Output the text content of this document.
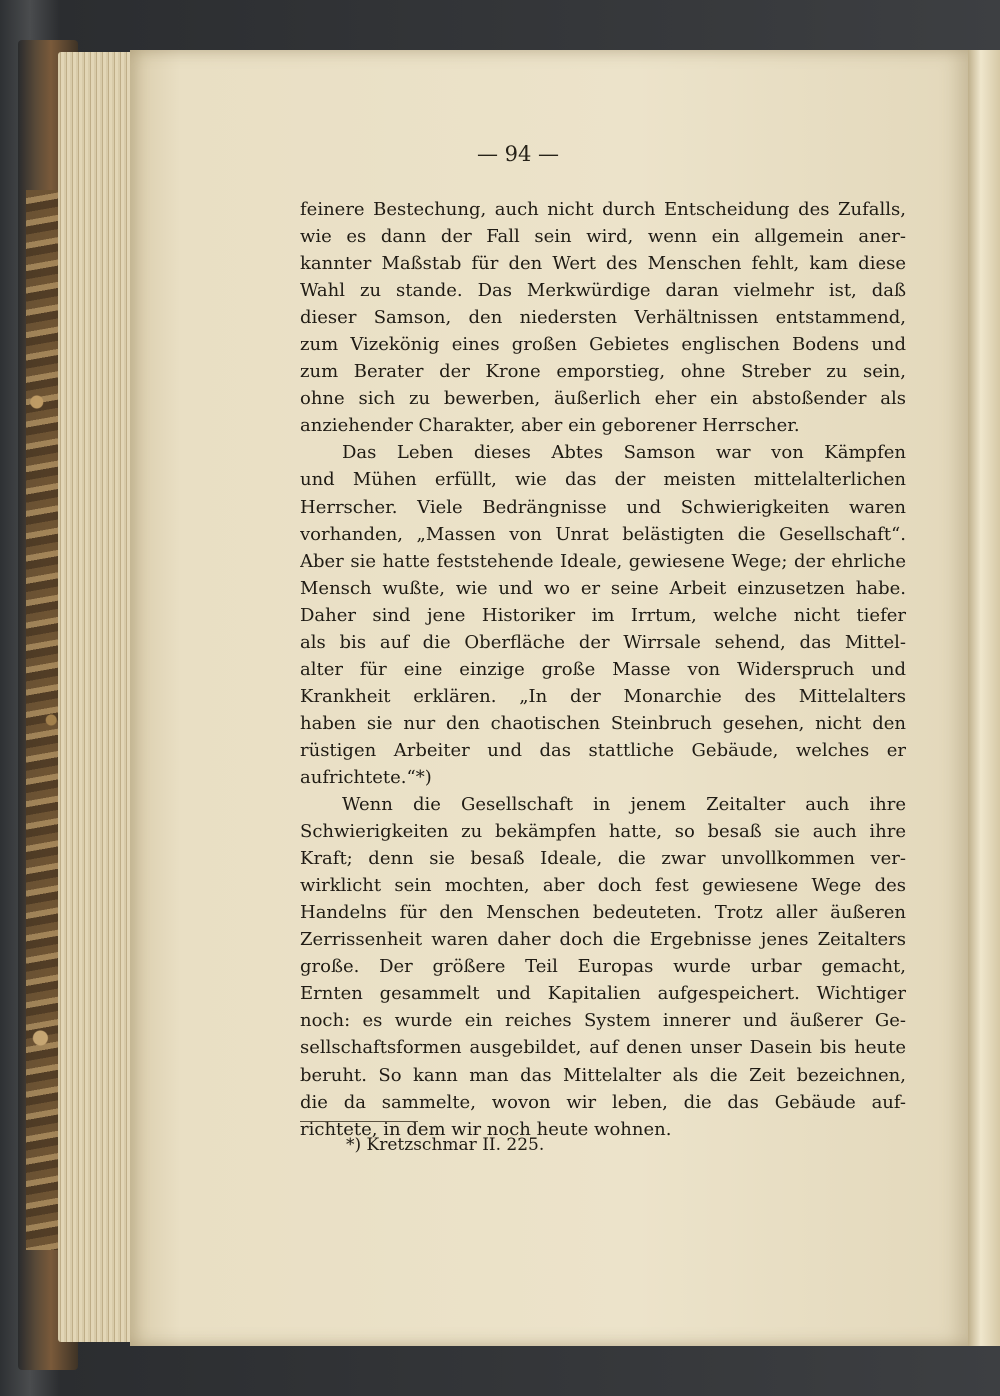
— 94 —
feinere Bestechung, auch nicht durch Entscheidung des Zufalls,
wie es dann der Fall sein wird, wenn ein allgemein aner-
kannter Maßstab für den Wert des Menschen fehlt, kam diese
Wahl zu stande. Das Merkwürdige daran vielmehr ist, daß
dieser Samson, den niedersten Verhältnissen entstammend,
zum Vizekönig eines großen Gebietes englischen Bodens und
zum Berater der Krone emporstieg, ohne Streber zu sein,
ohne sich zu bewerben, äußerlich eher ein abstoßender als
anziehender Charakter, aber ein geborener Herrscher.
Das Leben dieses Abtes Samson war von Kämpfen
und Mühen erfüllt, wie das der meisten mittelalterlichen
Herrscher. Viele Bedrängnisse und Schwierigkeiten waren
vorhanden, „Massen von Unrat belästigten die Gesellschaft“.
Aber sie hatte feststehende Ideale, gewiesene Wege; der ehrliche
Mensch wußte, wie und wo er seine Arbeit einzusetzen habe.
Daher sind jene Historiker im Irrtum, welche nicht tiefer
als bis auf die Oberfläche der Wirrsale sehend, das Mittel-
alter für eine einzige große Masse von Widerspruch und
Krankheit erklären. „In der Monarchie des Mittelalters
haben sie nur den chaotischen Steinbruch gesehen, nicht den
rüstigen Arbeiter und das stattliche Gebäude, welches er
aufrichtete.“*)
Wenn die Gesellschaft in jenem Zeitalter auch ihre
Schwierigkeiten zu bekämpfen hatte, so besaß sie auch ihre
Kraft; denn sie besaß Ideale, die zwar unvollkommen ver-
wirklicht sein mochten, aber doch fest gewiesene Wege des
Handelns für den Menschen bedeuteten. Trotz aller äußeren
Zerrissenheit waren daher doch die Ergebnisse jenes Zeitalters
große. Der größere Teil Europas wurde urbar gemacht,
Ernten gesammelt und Kapitalien aufgespeichert. Wichtiger
noch: es wurde ein reiches System innerer und äußerer Ge-
sellschaftsformen ausgebildet, auf denen unser Dasein bis heute
beruht. So kann man das Mittelalter als die Zeit bezeichnen,
die da sammelte, wovon wir leben, die das Gebäude auf-
richtete, in dem wir noch heute wohnen.
*) Kretzschmar II. 225.
